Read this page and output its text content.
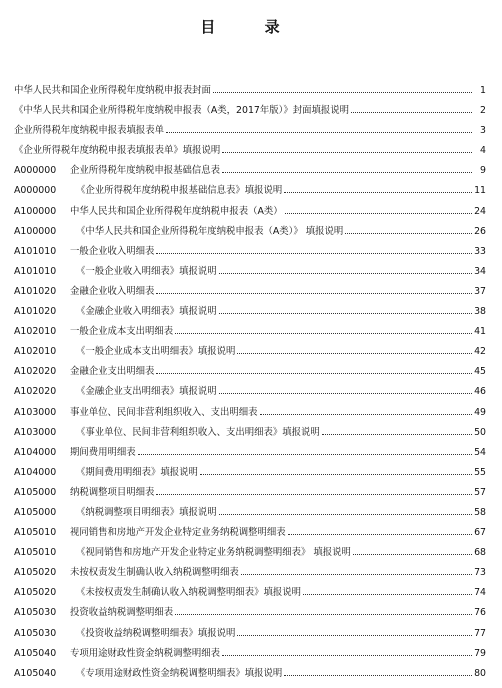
目 录
中华人民共和国企业所得税年度纳税申报表封面	1
《中华人民共和国企业所得税年度纳税申报表（A类，2017年版）》封面填报说明	2
企业所得税年度纳税申报表填报表单	3
《企业所得税年度纳税申报表填报表单》填报说明	4
A000000	企业所得税年度纳税申报基础信息表	9
A000000	《企业所得税年度纳税申报基础信息表》填报说明	11
A100000	中华人民共和国企业所得税年度纳税申报表（A类）	24
A100000	《中华人民共和国企业所得税年度纳税申报表（A类）》 填报说明	26
A101010	一般企业收入明细表	33
A101010	《一般企业收入明细表》填报说明	34
A101020	金融企业收入明细表	37
A101020	《金融企业收入明细表》填报说明	38
A102010	一般企业成本支出明细表	41
A102010	《一般企业成本支出明细表》填报说明	42
A102020	金融企业支出明细表	45
A102020	《金融企业支出明细表》填报说明	46
A103000	事业单位、民间非营利组织收入、支出明细表	49
A103000	《事业单位、民间非营利组织收入、支出明细表》填报说明	50
A104000	期间费用明细表	54
A104000	《期间费用明细表》填报说明	55
A105000	纳税调整项目明细表	57
A105000	《纳税调整项目明细表》填报说明	58
A105010	视同销售和房地产开发企业特定业务纳税调整明细表	67
A105010	《视同销售和房地产开发企业特定业务纳税调整明细表》 填报说明	68
A105020	未按权责发生制确认收入纳税调整明细表	73
A105020	《未按权责发生制确认收入纳税调整明细表》填报说明	74
A105030	投资收益纳税调整明细表	76
A105030	《投资收益纳税调整明细表》填报说明	77
A105040	专项用途财政性资金纳税调整明细表	79
A105040	《专项用途财政性资金纳税调整明细表》填报说明	80
